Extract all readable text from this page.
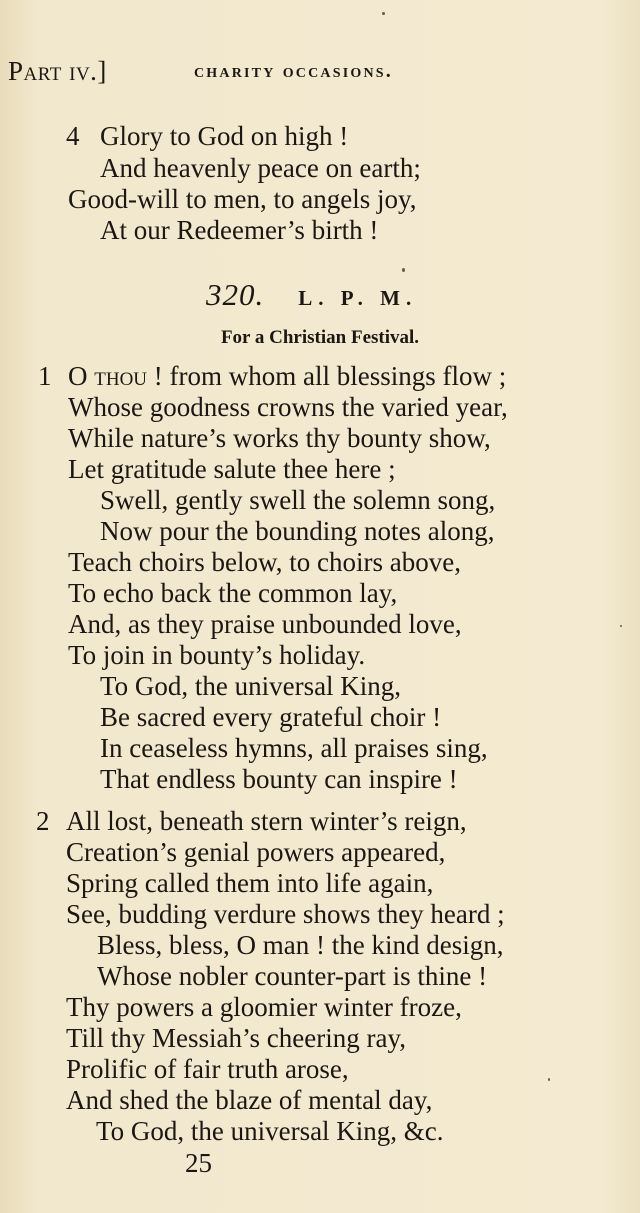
Part iv.]	charity occasions.
4 Glory to God on high !
And heavenly peace on earth;
Good-will to men, to angels joy,
At our Redeemer’s birth !
320. L. P. M.
For a Christian Festival.
1 O thou ! from whom all blessings flow ;
Whose goodness crowns the varied year,
While nature’s works thy bounty show,
Let gratitude salute thee here ;
Swell, gently swell the solemn song,
Now pour the bounding notes along,
Teach choirs below, to choirs above,
To echo back the common lay,
And, as they praise unbounded love,
To join in bounty’s holiday.
To God, the universal King,
Be sacred every grateful choir !
In ceaseless hymns, all praises sing,
That endless bounty can inspire !
2 All lost, beneath stern winter’s reign,
Creation’s genial powers appeared,
Spring called them into life again,
See, budding verdure shows they heard ;
Bless, bless, O man ! the kind design,
Whose nobler counter-part is thine !
Thy powers a gloomier winter froze,
Till thy Messiah’s cheering ray,
Prolific of fair truth arose,
And shed the blaze of mental day,
To God, the universal King, &c.
25
